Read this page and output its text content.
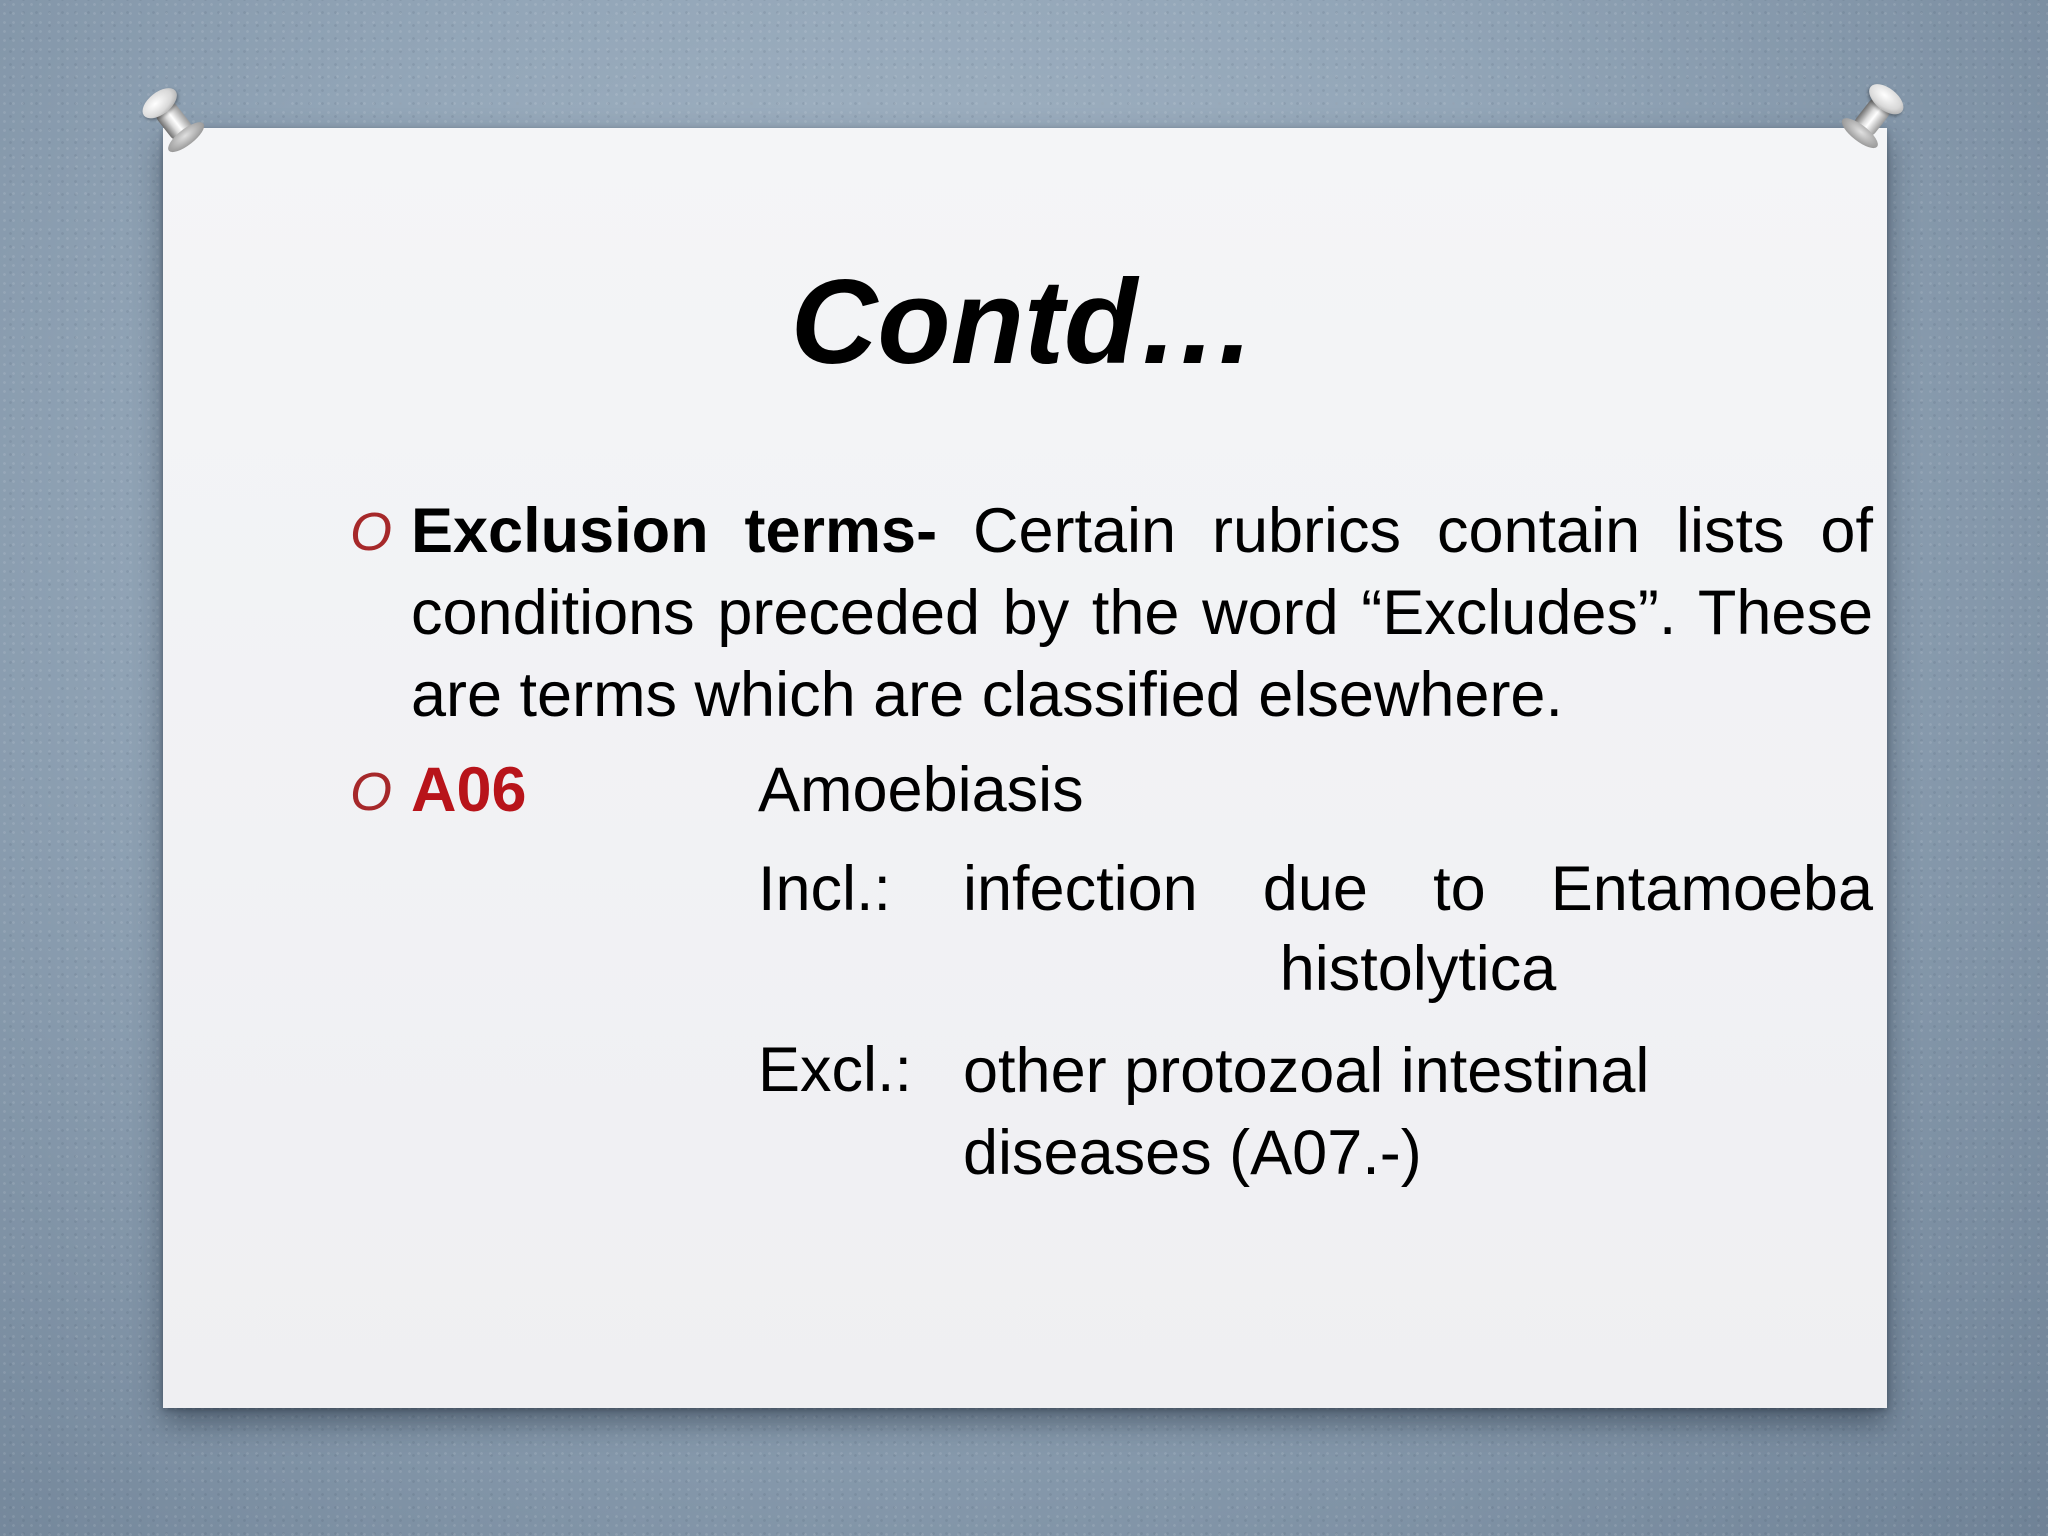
Contd…
O Exclusion terms- Certain rubrics contain lists of conditions preceded by the word “Excludes”. These are terms which are classified elsewhere.

O A06	Amoebiasis
Incl.: infection due to Entamoeba
histolytica
Excl.: other protozoal intestinal
diseases (A07.-)
